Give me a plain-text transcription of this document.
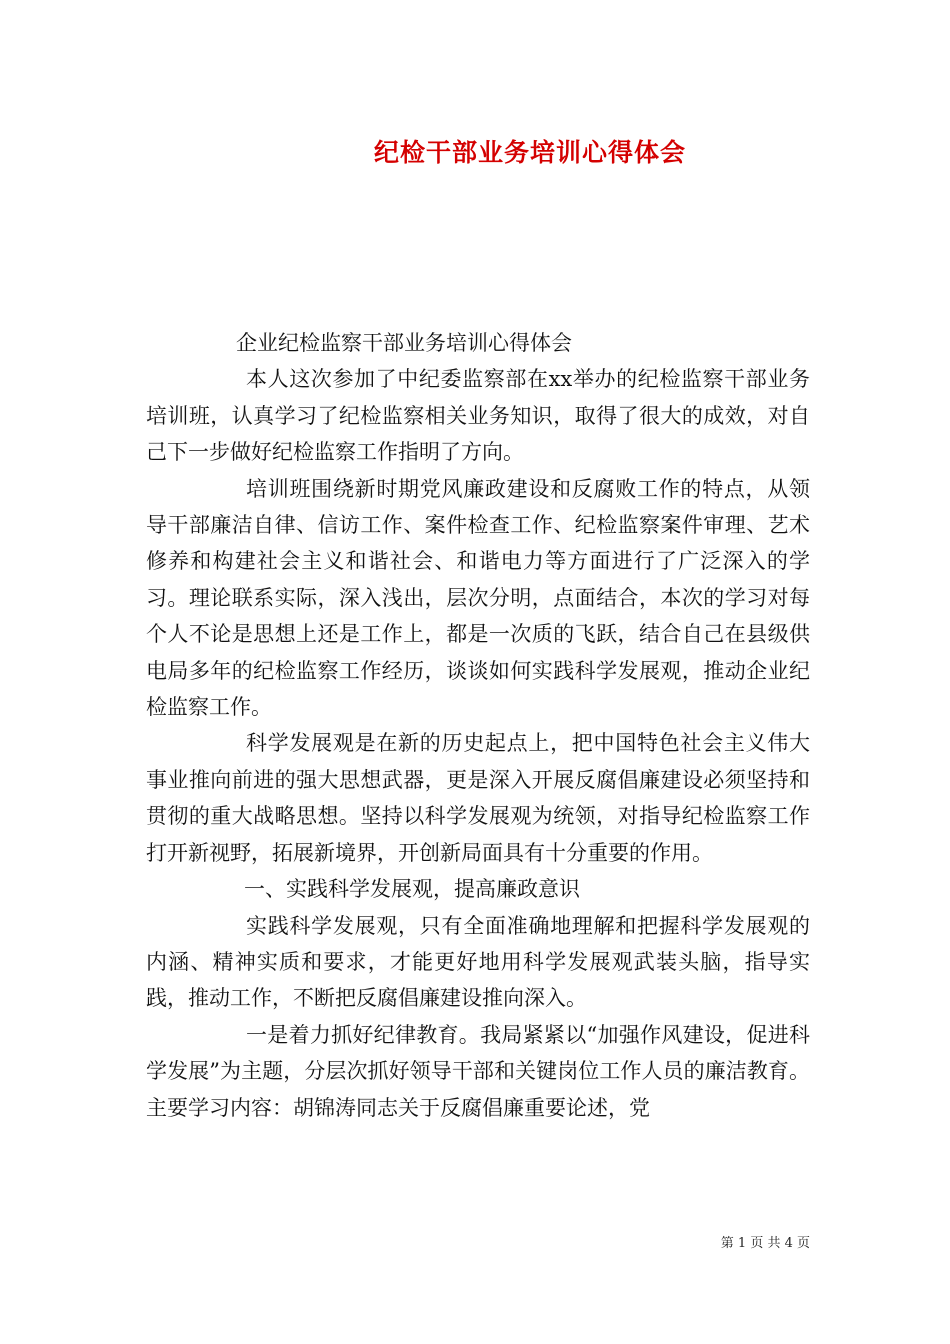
纪检干部业务培训心得体会

企业纪检监察干部业务培训心得体会

本人这次参加了中纪委监察部在xx举办的纪检监察干部业务培训班，认真学习了纪检监察相关业务知识，取得了很大的成效，对自己下一步做好纪检监察工作指明了方向。

培训班围绕新时期党风廉政建设和反腐败工作的特点，从领导干部廉洁自律、信访工作、案件检查工作、纪检监察案件审理、艺术修养和构建社会主义和谐社会、和谐电力等方面进行了广泛深入的学习。理论联系实际，深入浅出，层次分明，点面结合，本次的学习对每个人不论是思想上还是工作上，都是一次质的飞跃，结合自己在县级供电局多年的纪检监察工作经历，谈谈如何实践科学发展观，推动企业纪检监察工作。

科学发展观是在新的历史起点上，把中国特色社会主义伟大事业推向前进的强大思想武器，更是深入开展反腐倡廉建设必须坚持和贯彻的重大战略思想。坚持以科学发展观为统领，对指导纪检监察工作打开新视野，拓展新境界，开创新局面具有十分重要的作用。

一、实践科学发展观，提高廉政意识

实践科学发展观，只有全面准确地理解和把握科学发展观的内涵、精神实质和要求，才能更好地用科学发展观武装头脑，指导实践，推动工作，不断把反腐倡廉建设推向深入。

一是着力抓好纪律教育。我局紧紧以“加强作风建设，促进科学发展”为主题，分层次抓好领导干部和关键岗位工作人员的廉洁教育。主要学习内容：胡锦涛同志关于反腐倡廉重要论述，党

第 1 页 共 4 页
